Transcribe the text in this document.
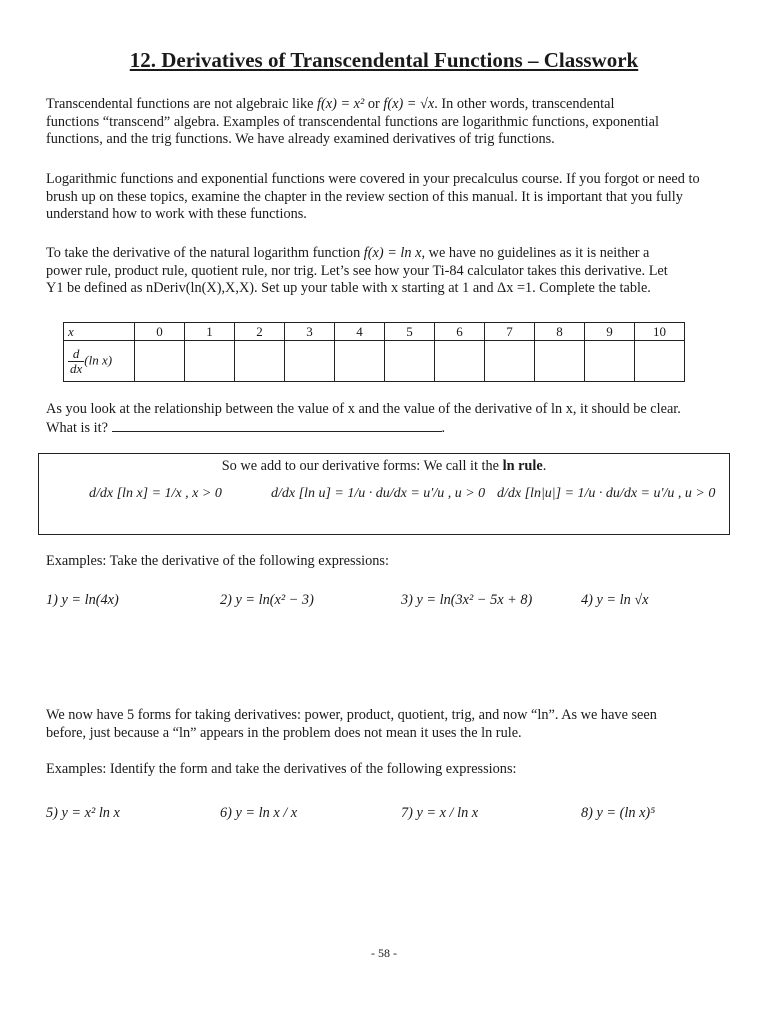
12. Derivatives of Transcendental Functions – Classwork
Transcendental functions are not algebraic like f(x) = x² or f(x) = √x. In other words, transcendental
functions “transcend” algebra. Examples of transcendental functions are logarithmic functions, exponential
functions, and the trig functions. We have already examined derivatives of trig functions.
Logarithmic functions and exponential functions were covered in your precalculus course. If you forgot or need to brush up on these topics, examine the chapter in the review section of this manual. It is important that you fully understand how to work with these functions.
To take the derivative of the natural logarithm function f(x) = ln x, we have no guidelines as it is neither a
power rule, product rule, quotient rule, nor trig. Let’s see how your Ti-84 calculator takes this derivative. Let
Y1 be defined as nDeriv(ln(X),X,X). Set up your table with x starting at 1 and Δx =1. Complete the table.
x	0	1	2	3	4	5	6	7	8	9	10

$\frac{d}{dx} (\ln$ x)											
As you look at the relationship between the value of x and the value of the derivative of ln x, it should be clear.
What is it?	.
So we add to our derivative forms: We call it the ln rule.
d/dx [ln x] = 1/x , x > 0	d/dx [ln u] = 1/u · du/dx = u′/u , u > 0 d/dx [ln|u|] = 1/u · du/dx = u′/u , u > 0
Examples: Take the derivative of the following expressions:
1) y = ln(4x)	2) y = ln(x² − 3)	3) y = ln(3x² − 5x + 8)	4) y = ln √x
We now have 5 forms for taking derivatives: power, product, quotient, trig, and now “ln”. As we have seen
before, just because a “ln” appears in the problem does not mean it uses the ln rule.
Examples: Identify the form and take the derivatives of the following expressions:
5) y = x² ln x	6) y = ln x / x	7) y = x / ln x	8) y = (ln x)⁵
- 58 -
